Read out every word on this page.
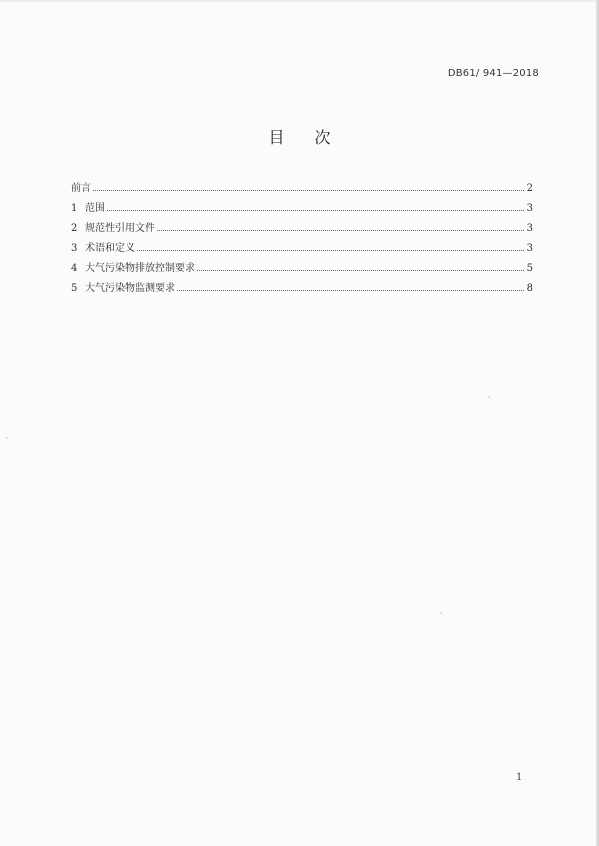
DB61/ 941—2018
目 次
前言	2
1 范围	3
2 规范性引用文件	3
3 术语和定义	3
4 大气污染物排放控制要求	5
5 大气污染物监测要求	8
1
